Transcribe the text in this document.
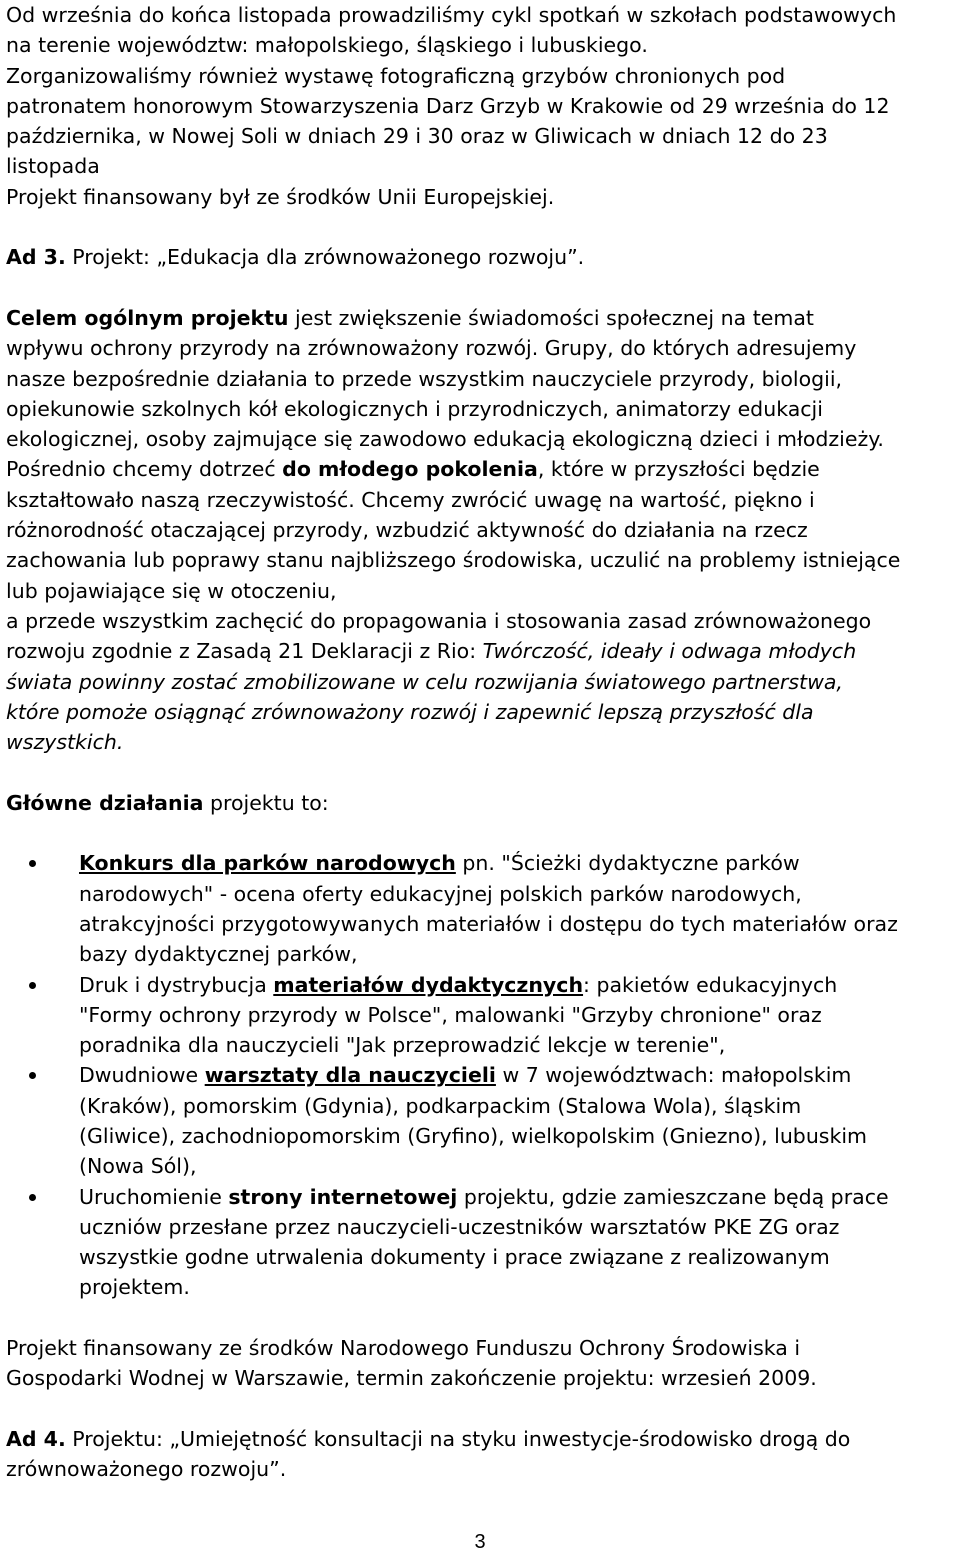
Od września do końca listopada prowadziliśmy cykl spotkań w szkołach podstawowych

na terenie województw: małopolskiego, śląskiego i lubuskiego.

Zorganizowaliśmy również wystawę fotograficzną grzybów chronionych pod

patronatem honorowym Stowarzyszenia Darz Grzyb w Krakowie od 29 września do 12

października, w Nowej Soli w dniach 29 i 30 oraz w Gliwicach w dniach 12 do 23

listopada

Projekt finansowany był ze środków Unii Europejskiej.

Ad 3. Projekt: „Edukacja dla zrównoważonego rozwoju”.

Celem ogólnym projektu jest zwiększenie świadomości społecznej na temat

wpływu ochrony przyrody na zrównoważony rozwój. Grupy, do których adresujemy

nasze bezpośrednie działania to przede wszystkim nauczyciele przyrody, biologii,

opiekunowie szkolnych kół ekologicznych i przyrodniczych, animatorzy edukacji

ekologicznej, osoby zajmujące się zawodowo edukacją ekologiczną dzieci i młodzieży.

Pośrednio chcemy dotrzeć do młodego pokolenia, które w przyszłości będzie

kształtowało naszą rzeczywistość. Chcemy zwrócić uwagę na wartość, piękno i

różnorodność otaczającej przyrody, wzbudzić aktywność do działania na rzecz

zachowania lub poprawy stanu najbliższego środowiska, uczulić na problemy istniejące

lub pojawiające się w otoczeniu,

a przede wszystkim zachęcić do propagowania i stosowania zasad zrównoważonego

rozwoju zgodnie z Zasadą 21 Deklaracji z Rio: Twórczość, ideały i odwaga młodych

świata powinny zostać zmobilizowane w celu rozwijania światowego partnerstwa,

które pomoże osiągnąć zrównoważony rozwój i zapewnić lepszą przyszłość dla

wszystkich.

Główne działania projektu to:

Konkurs dla parków narodowych pn. "Ścieżki dydaktyczne parków

narodowych" - ocena oferty edukacyjnej polskich parków narodowych,

atrakcyjności przygotowywanych materiałów i dostępu do tych materiałów oraz

bazy dydaktycznej parków,

Druk i dystrybucja materiałów dydaktycznych: pakietów edukacyjnych

"Formy ochrony przyrody w Polsce", malowanki "Grzyby chronione" oraz

poradnika dla nauczycieli "Jak przeprowadzić lekcje w terenie",

Dwudniowe warsztaty dla nauczycieli w 7 województwach: małopolskim

(Kraków), pomorskim (Gdynia), podkarpackim (Stalowa Wola), śląskim

(Gliwice), zachodniopomorskim (Gryfino), wielkopolskim (Gniezno), lubuskim

(Nowa Sól),

Uruchomienie strony internetowej projektu, gdzie zamieszczane będą prace

uczniów przesłane przez nauczycieli-uczestników warsztatów PKE ZG oraz

wszystkie godne utrwalenia dokumenty i prace związane z realizowanym

projektem.

Projekt finansowany ze środków Narodowego Funduszu Ochrony Środowiska i

Gospodarki Wodnej w Warszawie, termin zakończenie projektu: wrzesień 2009.

Ad 4. Projektu: „Umiejętność konsultacji na styku inwestycje-środowisko drogą do

zrównoważonego rozwoju”.

3
